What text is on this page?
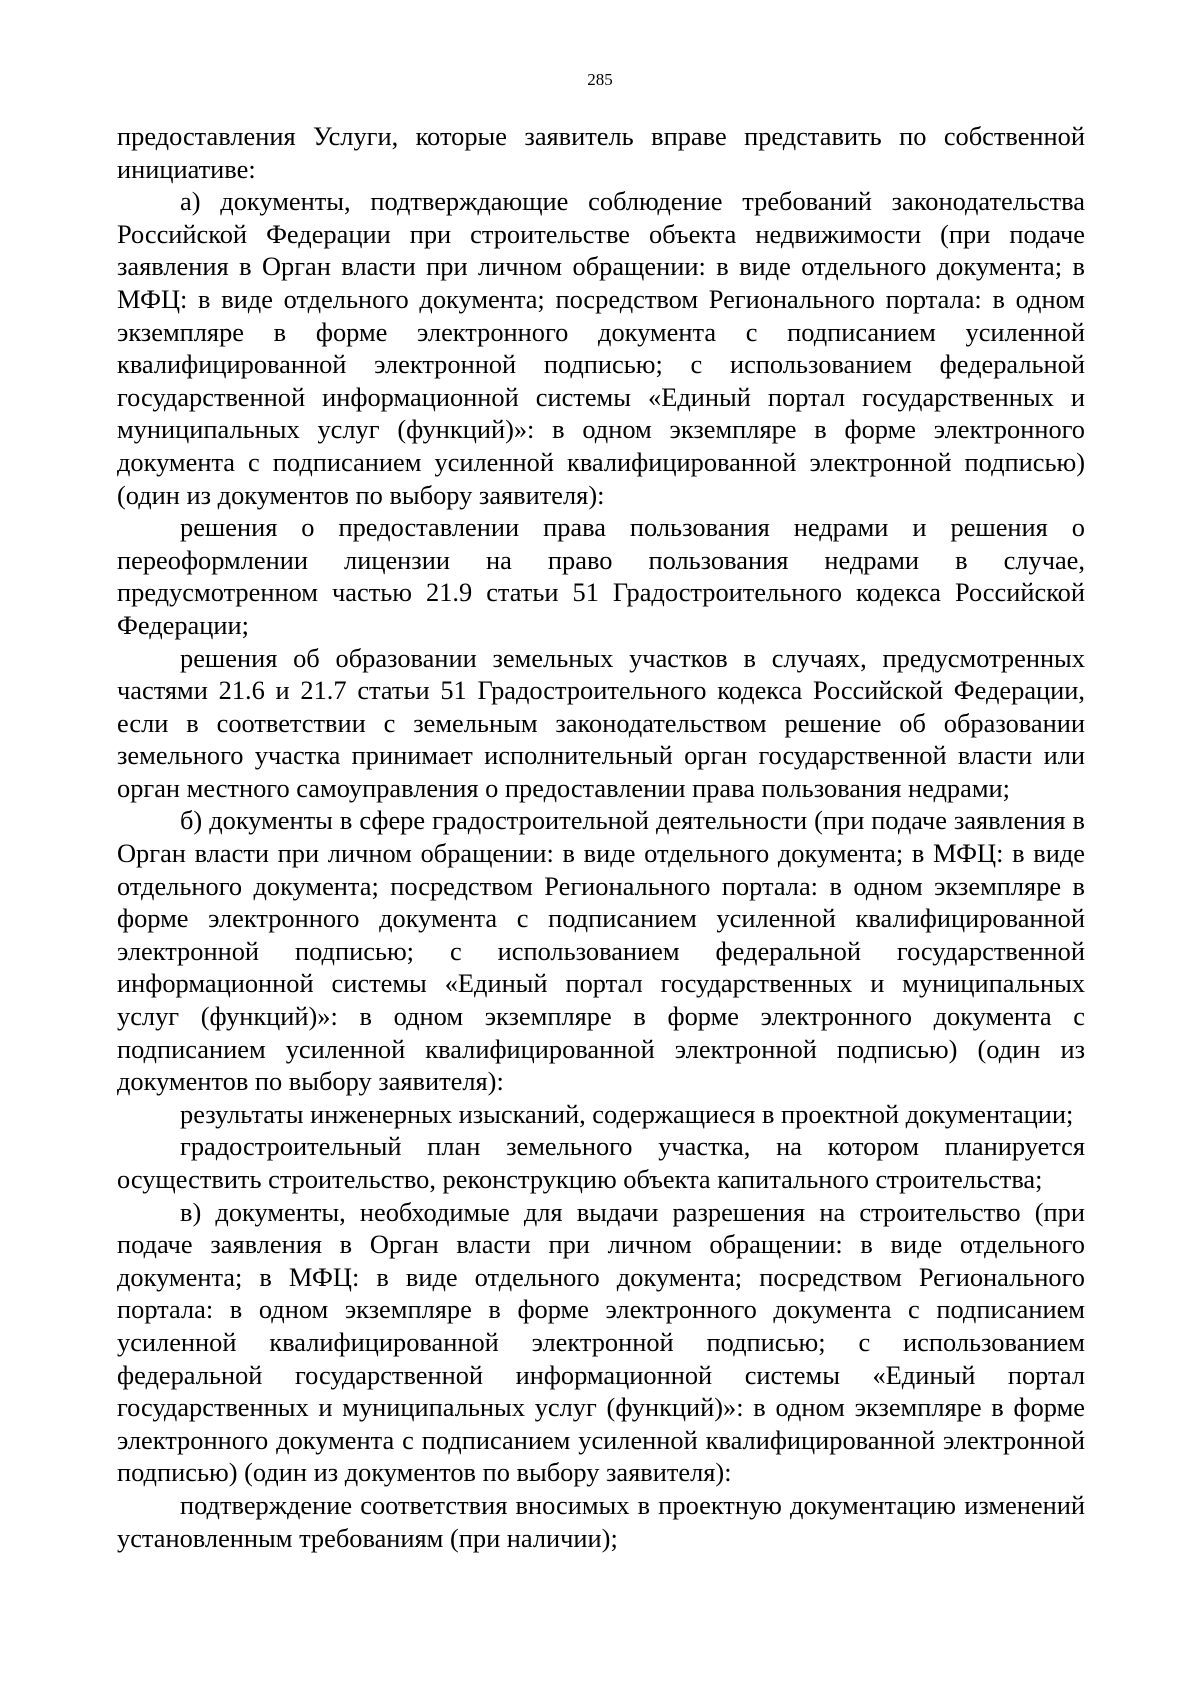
285

предоставления Услуги, которые заявитель вправе представить по собственной инициативе:

а) документы, подтверждающие соблюдение требований законодательства Российской Федерации при строительстве объекта недвижимости (при подаче заявления в Орган власти при личном обращении: в виде отдельного документа; в МФЦ: в виде отдельного документа; посредством Регионального портала: в одном экземпляре в форме электронного документа с подписанием усиленной квалифицированной электронной подписью; с использованием федеральной государственной информационной системы «Единый портал государственных и муниципальных услуг (функций)»: в одном экземпляре в форме электронного документа с подписанием усиленной квалифицированной электронной подписью) (один из документов по выбору заявителя):

решения о предоставлении права пользования недрами и решения о переоформлении лицензии на право пользования недрами в случае, предусмотренном частью 21.9 статьи 51 Градостроительного кодекса Российской Федерации;

решения об образовании земельных участков в случаях, предусмотренных частями 21.6 и 21.7 статьи 51 Градостроительного кодекса Российской Федерации, если в соответствии с земельным законодательством решение об образовании земельного участка принимает исполнительный орган государственной власти или орган местного самоуправления о предоставлении права пользования недрами;

б) документы в сфере градостроительной деятельности (при подаче заявления в Орган власти при личном обращении: в виде отдельного документа; в МФЦ: в виде отдельного документа; посредством Регионального портала: в одном экземпляре в форме электронного документа с подписанием усиленной квалифицированной электронной подписью; с использованием федеральной государственной информационной системы «Единый портал государственных и муниципальных услуг (функций)»: в одном экземпляре в форме электронного документа с подписанием усиленной квалифицированной электронной подписью) (один из документов по выбору заявителя):

результаты инженерных изысканий, содержащиеся в проектной документации;

градостроительный план земельного участка, на котором планируется осуществить строительство, реконструкцию объекта капитального строительства;

в) документы, необходимые для выдачи разрешения на строительство (при подаче заявления в Орган власти при личном обращении: в виде отдельного документа; в МФЦ: в виде отдельного документа; посредством Регионального портала: в одном экземпляре в форме электронного документа с подписанием усиленной квалифицированной электронной подписью; с использованием федеральной государственной информационной системы «Единый портал государственных и муниципальных услуг (функций)»: в одном экземпляре в форме электронного документа с подписанием усиленной квалифицированной электронной подписью) (один из документов по выбору заявителя):

подтверждение соответствия вносимых в проектную документацию изменений установленным требованиям (при наличии);
